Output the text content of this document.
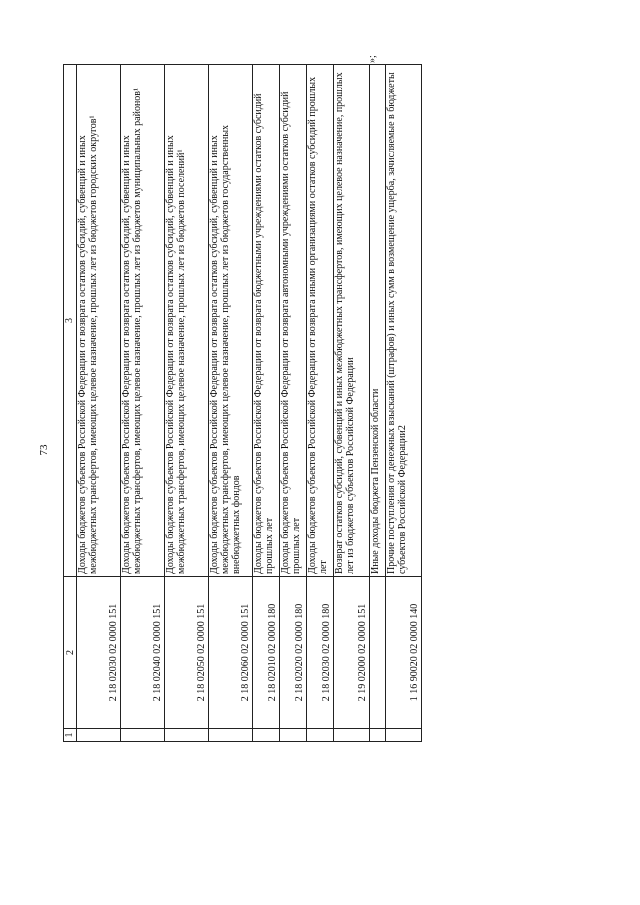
73
1	2	3
	2 18 02030 02 0000 151	Доходы бюджетов субъектов Российской Федерации от возврата остатков субсидий, субвенций и иных межбюджетных трансфертов, имеющих целевое назначение, прошлых лет из бюджетов городских округов¹
	2 18 02040 02 0000 151	Доходы бюджетов субъектов Российской Федерации от возврата остатков субсидий, субвенций и иных межбюджетных трансфертов, имеющих целевое назначение, прошлых лет из бюджетов муниципальных районов¹
	2 18 02050 02 0000 151	Доходы бюджетов субъектов Российской Федерации от возврата остатков субсидий, субвенций и иных межбюджетных трансфертов, имеющих целевое назначение, прошлых лет из бюджетов поселений¹
	2 18 02060 02 0000 151	Доходы бюджетов субъектов Российской Федерации от возврата остатков субсидий, субвенций и иных межбюджетных трансфертов, имеющих целевое назначение, прошлых лет из бюджетов государственных внебюджетных фондов
	2 18 02010 02 0000 180	Доходы бюджетов субъектов Российской Федерации от возврата бюджетными учреждениями остатков субсидий прошлых лет
	2 18 02020 02 0000 180	Доходы бюджетов субъектов Российской Федерации от возврата автономными учреждениями остатков субсидий прошлых лет
	2 18 02030 02 0000 180	Доходы бюджетов субъектов Российской Федерации от возврата иными организациями остатков субсидий прошлых лет
	2 19 02000 02 0000 151	Возврат остатков субсидий, субвенций и иных межбюджетных трансфертов, имеющих целевое назначение, прошлых лет из бюджетов субъектов Российской Федерации
		Иные доходы бюджета Пензенской области
	1 16 90020 02 0000 140	Прочие поступления от денежных взысканий (штрафов) и иных сумм в возмещение ущерба, зачисляемые в бюджеты субъектов Российской Федерации2
»;
